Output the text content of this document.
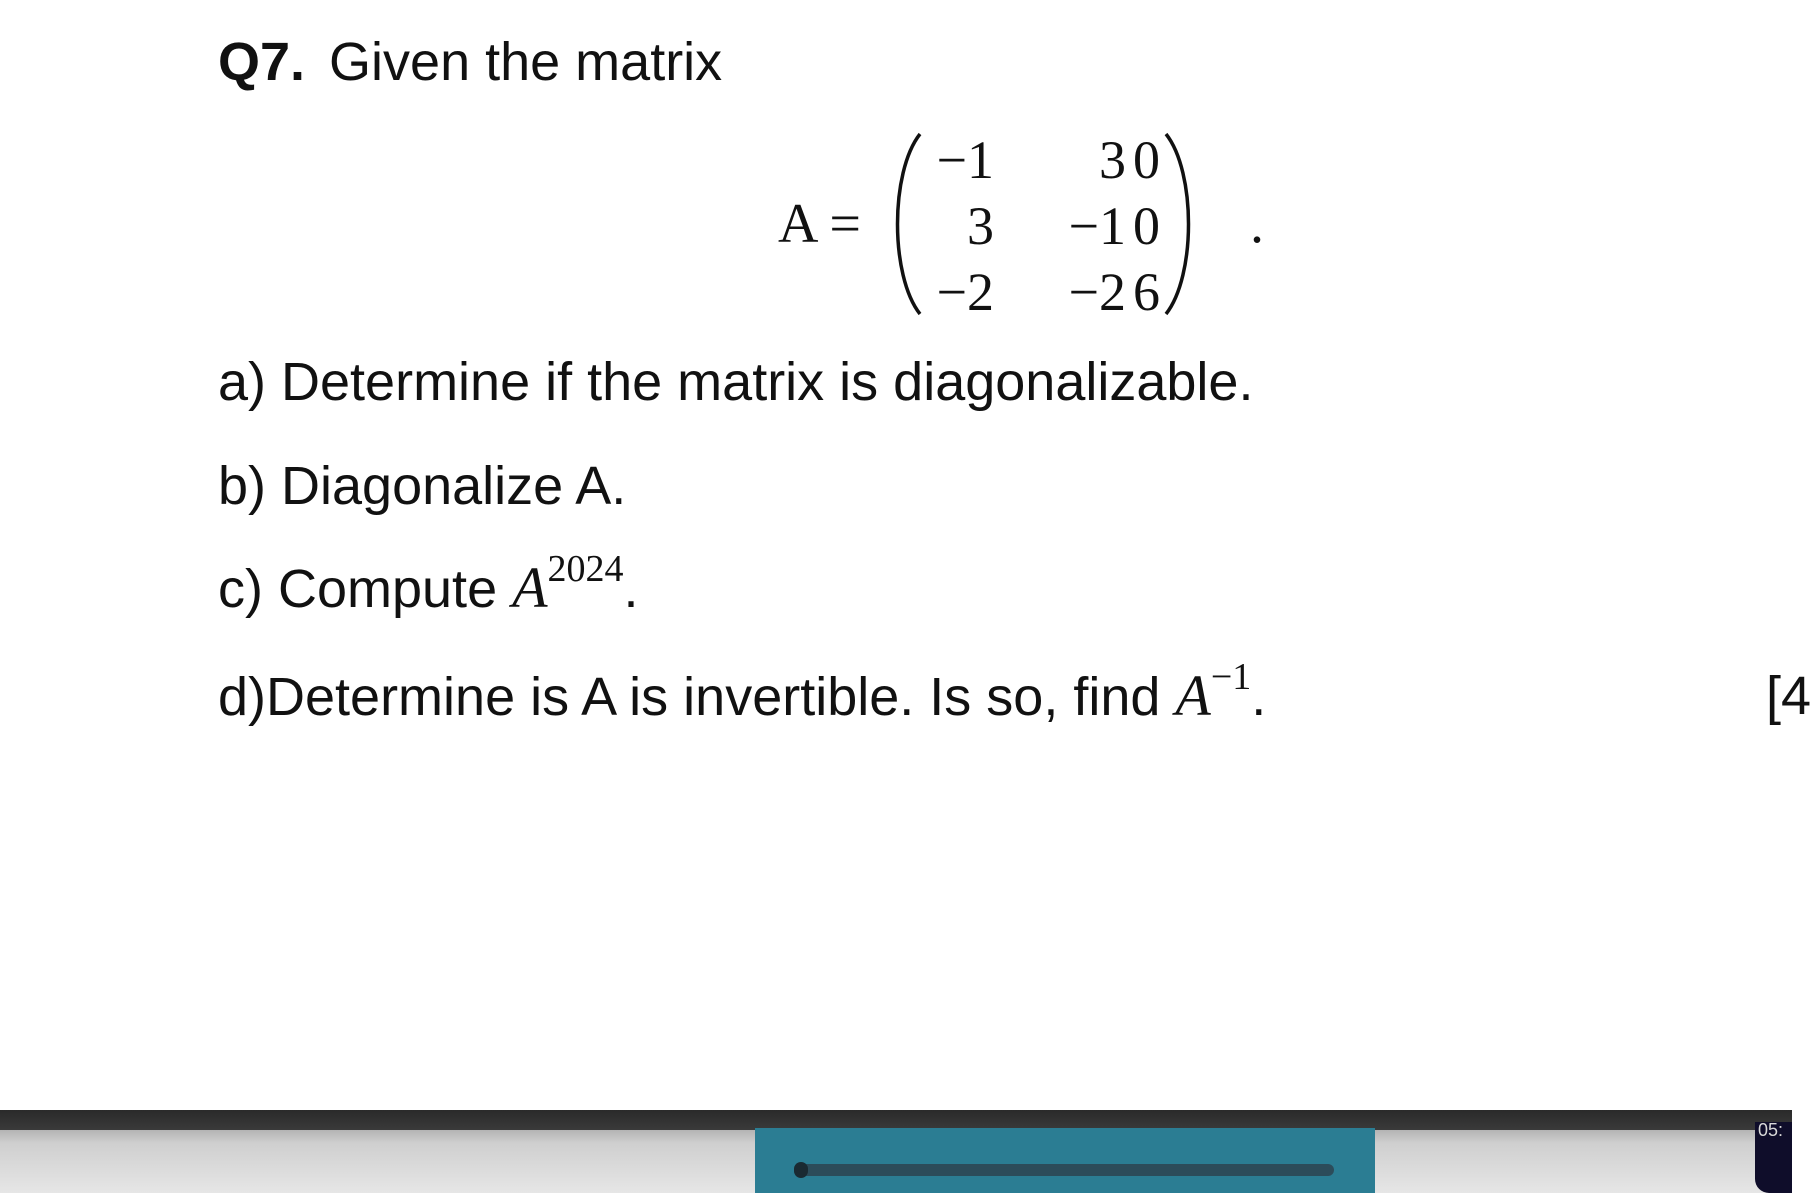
Q7. Given the matrix
A =
−1	3 0
3	−1 0
−2	−2 6
.
a) Determine if the matrix is diagonalizable.
b) Diagonalize A.
c) Compute $A^{2024}$.
d)Determine is A is invertible. Is so, find $A^{-1}$.	[4
05:
